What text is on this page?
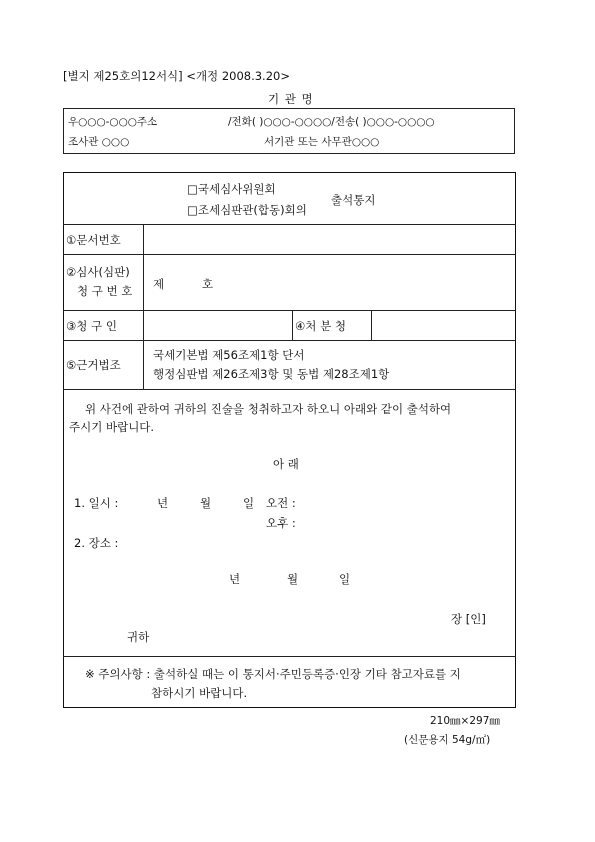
[별지 제25호의12서식] <개정 2008.3.20>
기 관 명
우○○○-○○○주소	/전화( )○○○-○○○○/전송( )○○○-○○○○
조사관 ○○○	서기관 또는 사무관○○○
□국세심사위원회
□조세심판관(합동)회의
출석통지
①문서번호
②심사(심판)
청 구 번 호 제	호
③청 구 인	④처 분 청
⑤근거법조
국세기본법 제56조제1항 단서
행정심판법 제26조제3항 및 동법 제28조제1항
위 사건에 관하여 귀하의 진술을 청취하고자 하오니 아래와 같이 출석하여
주시기 바랍니다.
아 래
1. 일시 :	년	월	일 오전 :
오후 :
2. 장소 :
년	월	일
장 [인]
귀하
※ 주의사항 : 출석하실 때는 이 통지서·주민등록증·인장 기타 참고자료를 지
참하시기 바랍니다.
210㎜×297㎜
(신문용지 54g/㎡)
